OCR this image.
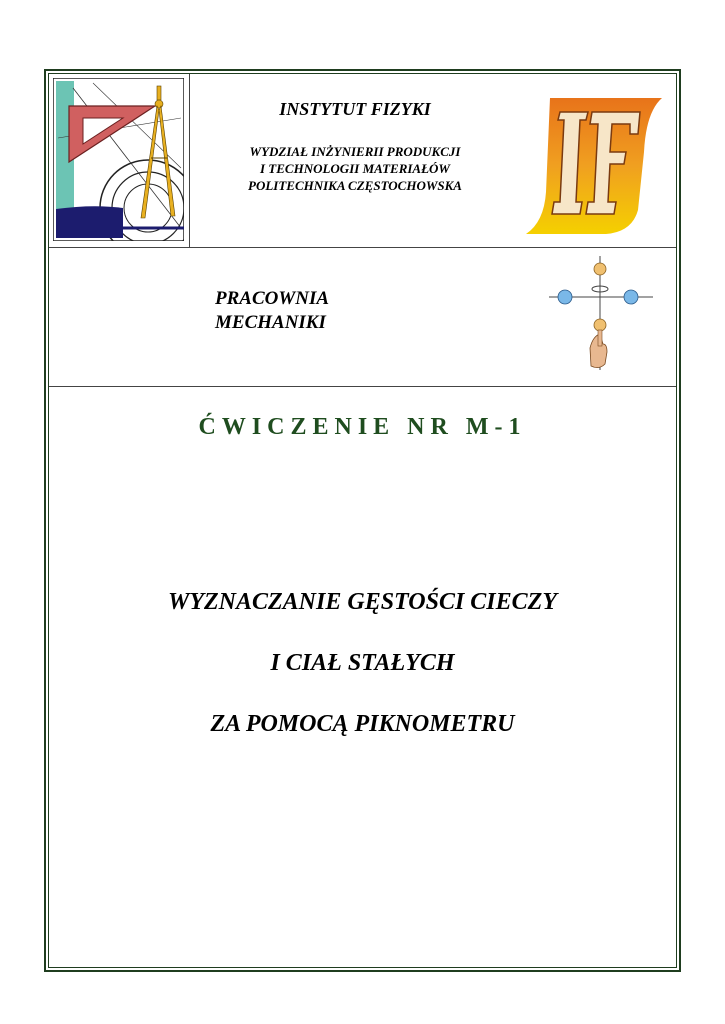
INSTYTUT FIZYKI
WYDZIAŁ INŻYNIERII PRODUKCJI
I TECHNOLOGII MATERIAŁÓW
POLITECHNIKA CZĘSTOCHOWSKA
PRACOWNIA
MECHANIKI
ĆWICZENIE NR M-1
WYZNACZANIE GĘSTOŚCI CIECZY
I CIAŁ STAŁYCH
ZA POMOCĄ PIKNOMETRU
